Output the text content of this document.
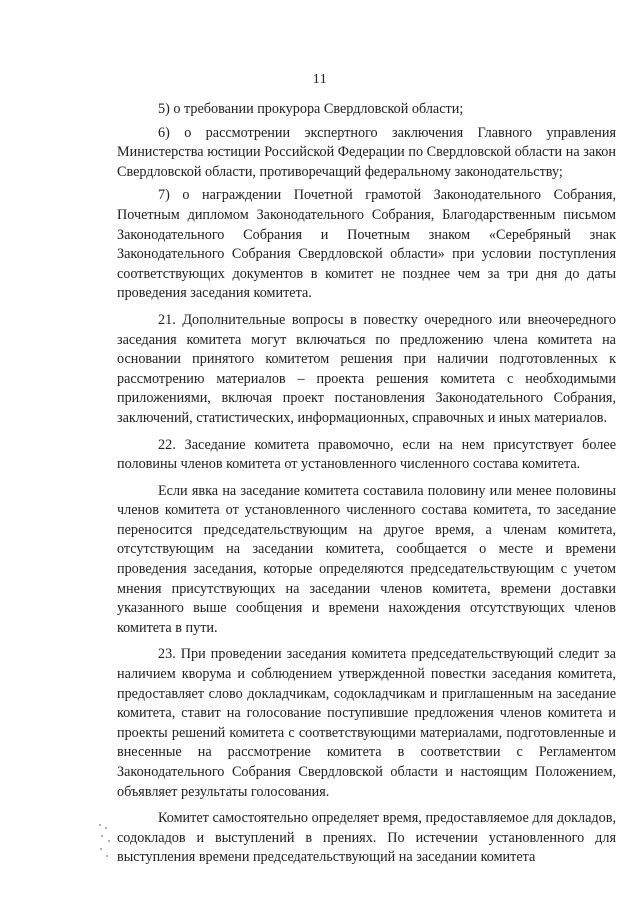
11

5) о требовании прокурора Свердловской области;

6) о рассмотрении экспертного заключения Главного управления Министерства юстиции Российской Федерации по Свердловской области на закон Свердловской области, противоречащий федеральному законодательству;

7) о награждении Почетной грамотой Законодательного Собрания, Почетным дипломом Законодательного Собрания, Благодарственным письмом Законодательного Собрания и Почетным знаком «Серебряный знак Законодательного Собрания Свердловской области» при условии поступления соответствующих документов в комитет не позднее чем за три дня до даты проведения заседания комитета.

21. Дополнительные вопросы в повестку очередного или внеочередного заседания комитета могут включаться по предложению члена комитета на основании принятого комитетом решения при наличии подготовленных к рассмотрению материалов – проекта решения комитета с необходимыми приложениями, включая проект постановления Законодательного Собрания, заключений, статистических, информационных, справочных и иных материалов.

22. Заседание комитета правомочно, если на нем присутствует более половины членов комитета от установленного численного состава комитета.

Если явка на заседание комитета составила половину или менее половины членов комитета от установленного численного состава комитета, то заседание переносится председательствующим на другое время, а членам комитета, отсутствующим на заседании комитета, сообщается о месте и времени проведения заседания, которые определяются председательствующим с учетом мнения присутствующих на заседании членов комитета, времени доставки указанного выше сообщения и времени нахождения отсутствующих членов комитета в пути.

23. При проведении заседания комитета председательствующий следит за наличием кворума и соблюдением утвержденной повестки заседания комитета, предоставляет слово докладчикам, содокладчикам и приглашенным на заседание комитета, ставит на голосование поступившие предложения членов комитета и проекты решений комитета с соответствующими материалами, подготовленные и внесенные на рассмотрение комитета в соответствии с Регламентом Законодательного Собрания Свердловской области и настоящим Положением, объявляет результаты голосования.

Комитет самостоятельно определяет время, предоставляемое для докладов, содокладов и выступлений в прениях. По истечении установленного для выступления времени председательствующий на заседании комитета
